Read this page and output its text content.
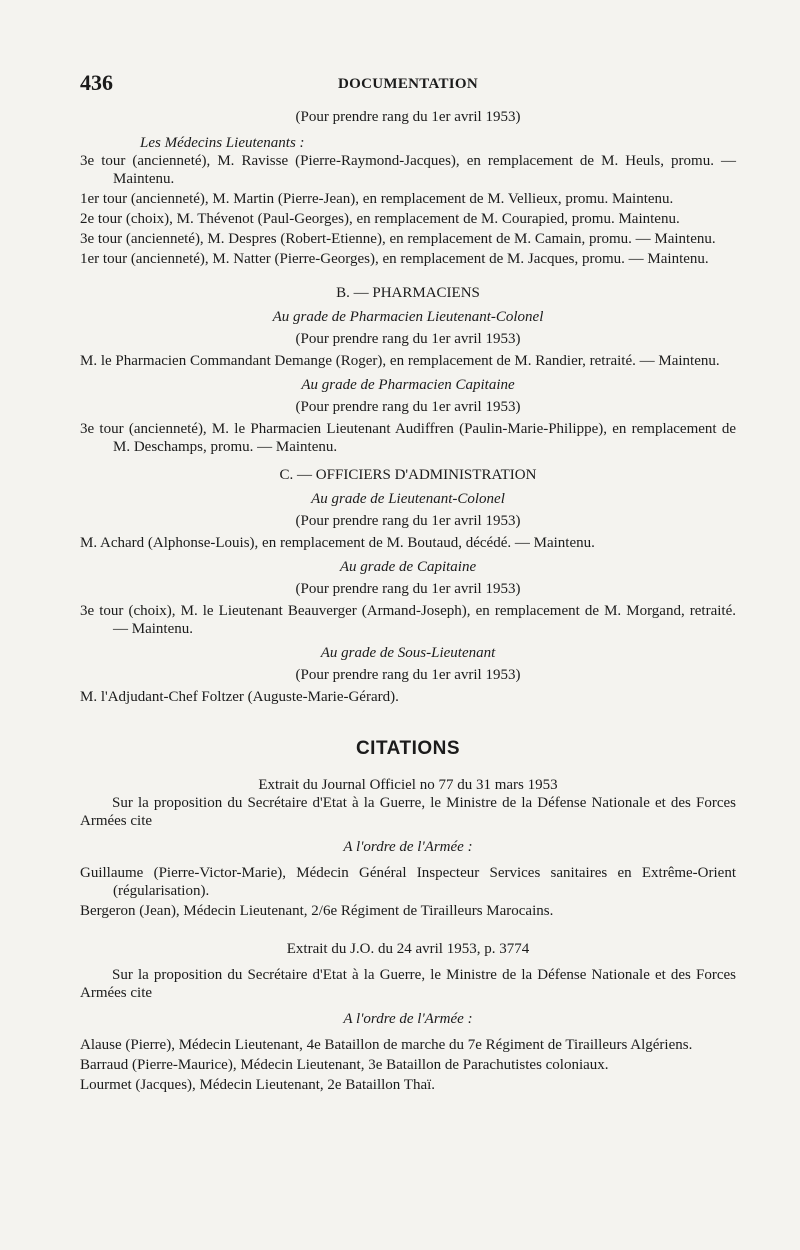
436	DOCUMENTATION

(Pour prendre rang du 1er avril 1953)

Les Médecins Lieutenants :

3e tour (ancienneté), M. Ravisse (Pierre-Raymond-Jacques), en remplacement de M. Heuls, promu. — Maintenu.

1er tour (ancienneté), M. Martin (Pierre-Jean), en remplacement de M. Vellieux, promu. Maintenu.

2e tour (choix), M. Thévenot (Paul-Georges), en remplacement de M. Courapied, promu. Maintenu.

3e tour (ancienneté), M. Despres (Robert-Etienne), en remplacement de M. Camain, promu. — Maintenu.

1er tour (ancienneté), M. Natter (Pierre-Georges), en remplacement de M. Jacques, promu. — Maintenu.

B. — PHARMACIENS

Au grade de Pharmacien Lieutenant-Colonel

(Pour prendre rang du 1er avril 1953)

M. le Pharmacien Commandant Demange (Roger), en remplacement de M. Randier, retraité. — Maintenu.

Au grade de Pharmacien Capitaine

(Pour prendre rang du 1er avril 1953)

3e tour (ancienneté), M. le Pharmacien Lieutenant Audiffren (Paulin-Marie-Philippe), en remplacement de M. Deschamps, promu. — Maintenu.

C. — OFFICIERS D'ADMINISTRATION

Au grade de Lieutenant-Colonel

(Pour prendre rang du 1er avril 1953)

M. Achard (Alphonse-Louis), en remplacement de M. Boutaud, décédé. — Maintenu.

Au grade de Capitaine

(Pour prendre rang du 1er avril 1953)

3e tour (choix), M. le Lieutenant Beauverger (Armand-Joseph), en remplacement de M. Morgand, retraité. — Maintenu.

Au grade de Sous-Lieutenant

(Pour prendre rang du 1er avril 1953)

M. l'Adjudant-Chef Foltzer (Auguste-Marie-Gérard).

CITATIONS

Extrait du Journal Officiel no 77 du 31 mars 1953

Sur la proposition du Secrétaire d'Etat à la Guerre, le Ministre de la Défense Nationale et des Forces Armées cite

A l'ordre de l'Armée :

Guillaume (Pierre-Victor-Marie), Médecin Général Inspecteur Services sanitaires en Extrême-Orient (régularisation).

Bergeron (Jean), Médecin Lieutenant, 2/6e Régiment de Tirailleurs Marocains.

Extrait du J.O. du 24 avril 1953, p. 3774

Sur la proposition du Secrétaire d'Etat à la Guerre, le Ministre de la Défense Nationale et des Forces Armées cite

A l'ordre de l'Armée :

Alause (Pierre), Médecin Lieutenant, 4e Bataillon de marche du 7e Régiment de Tirailleurs Algériens.

Barraud (Pierre-Maurice), Médecin Lieutenant, 3e Bataillon de Parachutistes coloniaux.

Lourmet (Jacques), Médecin Lieutenant, 2e Bataillon Thaï.
